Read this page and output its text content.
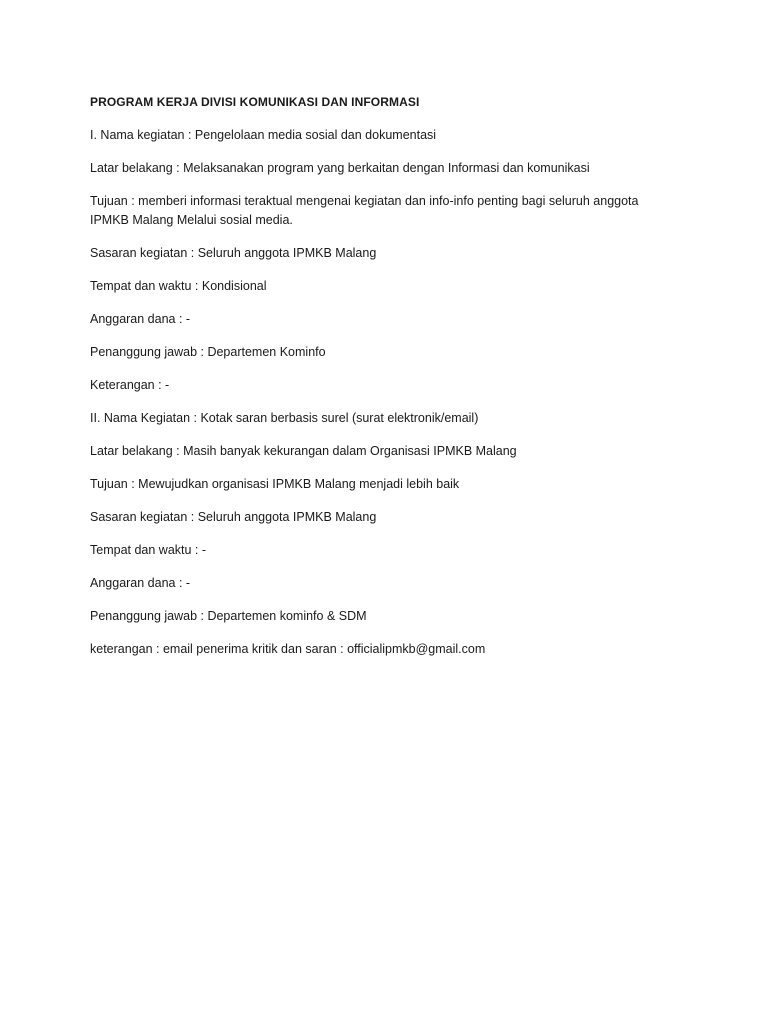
PROGRAM KERJA DIVISI KOMUNIKASI DAN INFORMASI

I. Nama kegiatan : Pengelolaan media sosial dan dokumentasi

Latar belakang : Melaksanakan program yang berkaitan dengan Informasi dan komunikasi

Tujuan : memberi informasi teraktual mengenai kegiatan dan info-info penting bagi seluruh anggota IPMKB Malang Melalui sosial media.

Sasaran kegiatan : Seluruh anggota IPMKB Malang

Tempat dan waktu : Kondisional

Anggaran dana : -

Penanggung jawab : Departemen Kominfo

Keterangan : -

II. Nama Kegiatan : Kotak saran berbasis surel (surat elektronik/email)

Latar belakang : Masih banyak kekurangan dalam Organisasi IPMKB Malang

Tujuan : Mewujudkan organisasi IPMKB Malang menjadi lebih baik

Sasaran kegiatan : Seluruh anggota IPMKB Malang

Tempat dan waktu : -

Anggaran dana : -

Penanggung jawab : Departemen kominfo & SDM

keterangan : email penerima kritik dan saran : officialipmkb@gmail.com
